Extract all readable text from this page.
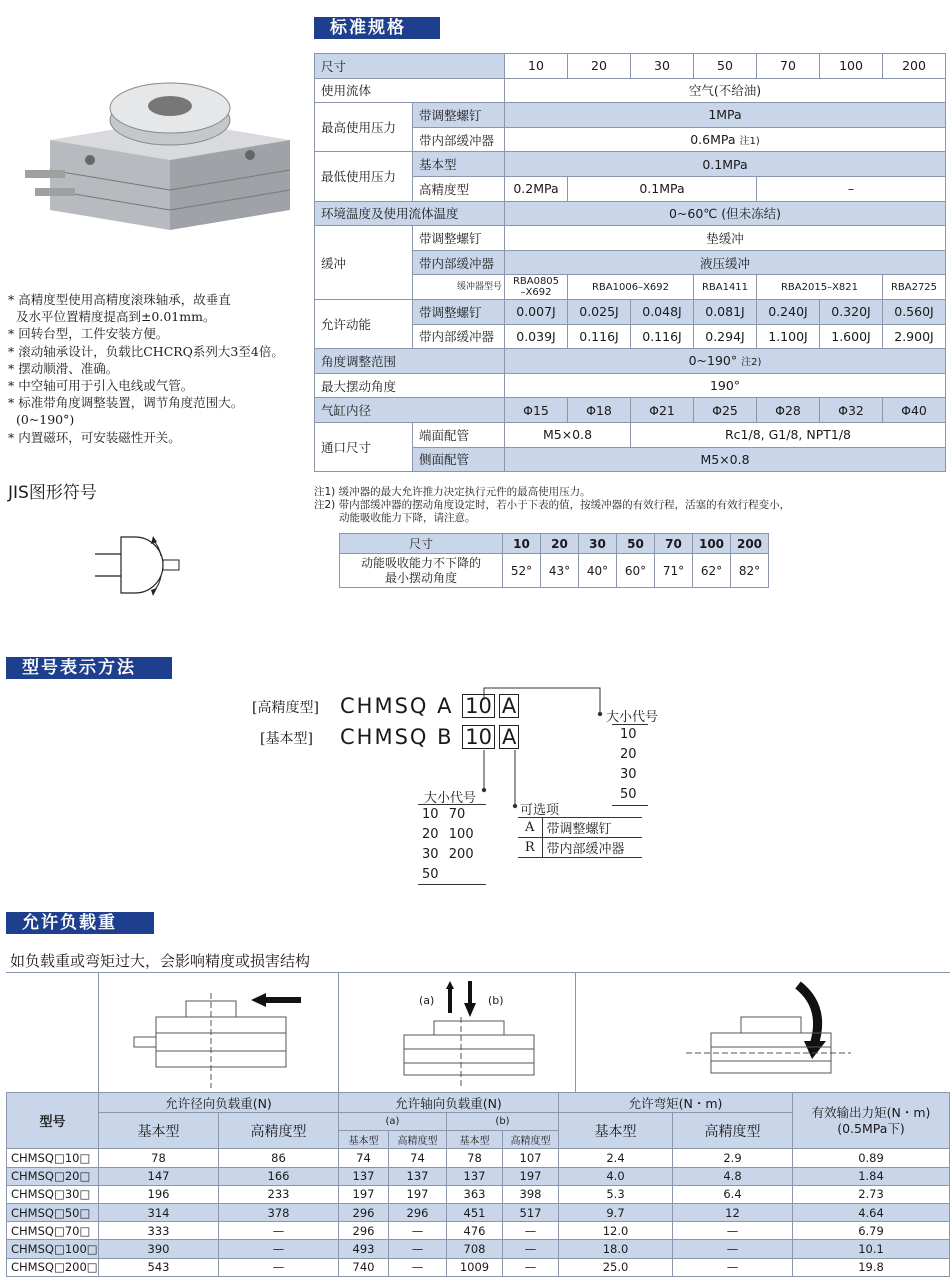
* 高精度型使用高精度滚珠轴承，故垂直
及水平位置精度提高到±0.01mm。
* 回转台型，工件安装方便。
* 滚动轴承设计，负载比CHCRQ系列大3至4倍。
* 摆动顺滑、准确。
* 中空轴可用于引入电线或气管。
* 标准带角度调整装置，调节角度范围大。
(0~190°)
* 内置磁环，可安装磁性开关。
JIS图形符号
标准规格
尺寸		10	20	30	50	70	100	200
使用流体		空气(不给油)						
最高使用压力	带调整螺钉	1MPa						
	带内部缓冲器	0.6MPa 注1)						
最低使用压力	基本型	0.1MPa						
	高精度型	0.2MPa	0.1MPa			–		
环境温度及使用流体温度		0~60℃ (但未冻结)						
缓冲	带调整螺钉	垫缓冲						
	带内部缓冲器	液压缓冲						
	缓冲器型号	RBA0805
–X692	RBA1006–X692		RBA1411	RBA2015–X821		RBA2725
允许动能	带调整螺钉	0.007J	0.025J	0.048J	0.081J	0.240J	0.320J	0.560J
	带内部缓冲器	0.039J	0.116J	0.116J	0.294J	1.100J	1.600J	2.900J
角度调整范围		0~190° 注2)						
最大摆动角度		190°						
气缸内径		Φ15	Φ18	Φ21	Φ25	Φ28	Φ32	Φ40
通口尺寸	端面配管	M5×0.8		Rc1/8, G1/8, NPT1/8				
	侧面配管	M5×0.8						
注1) 缓冲器的最大允许推力决定执行元件的最高使用压力。
注2) 带内部缓冲器的摆动角度设定时，若小于下表的值，按缓冲器的有效行程，活塞的有效行程变小，
动能吸收能力下降，请注意。
尺寸	10	20	30	50	70	100	200
动能吸收能力不下降的
最小摆动角度	52°	43°	40°	60°	71°	62°	82°
型号表示方法
[高精度型]
[基本型]
CHMSQ A 10 A
CHMSQ B 10 A
大小代号
10
20
30
50
大小代号
10	70
20	100
30	200
50	
可选项
A	带调整螺钉
R	带内部缓冲器
允许负载重
如负载重或弯矩过大，会影响精度或损害结构
(a)	(b)
型号	允许径向负载重(N)		允许轴向负载重(N)				允许弯矩(N・m)		有效输出力矩(N・m)
(0.5MPa下)
	基本型	高精度型	(a)		(b)		基本型	高精度型	
			基本型	高精度型	基本型	高精度型			
CHMSQ□10□	78	86	74	74	78	107	2.4	2.9	0.89
CHMSQ□20□	147	166	137	137	137	197	4.0	4.8	1.84
CHMSQ□30□	196	233	197	197	363	398	5.3	6.4	2.73
CHMSQ□50□	314	378	296	296	451	517	9.7	12	4.64
CHMSQ□70□	333	—	296	—	476	—	12.0	—	6.79
CHMSQ□100□	390	—	493	—	708	—	18.0	—	10.1
CHMSQ□200□	543	—	740	—	1009	—	25.0	—	19.8
